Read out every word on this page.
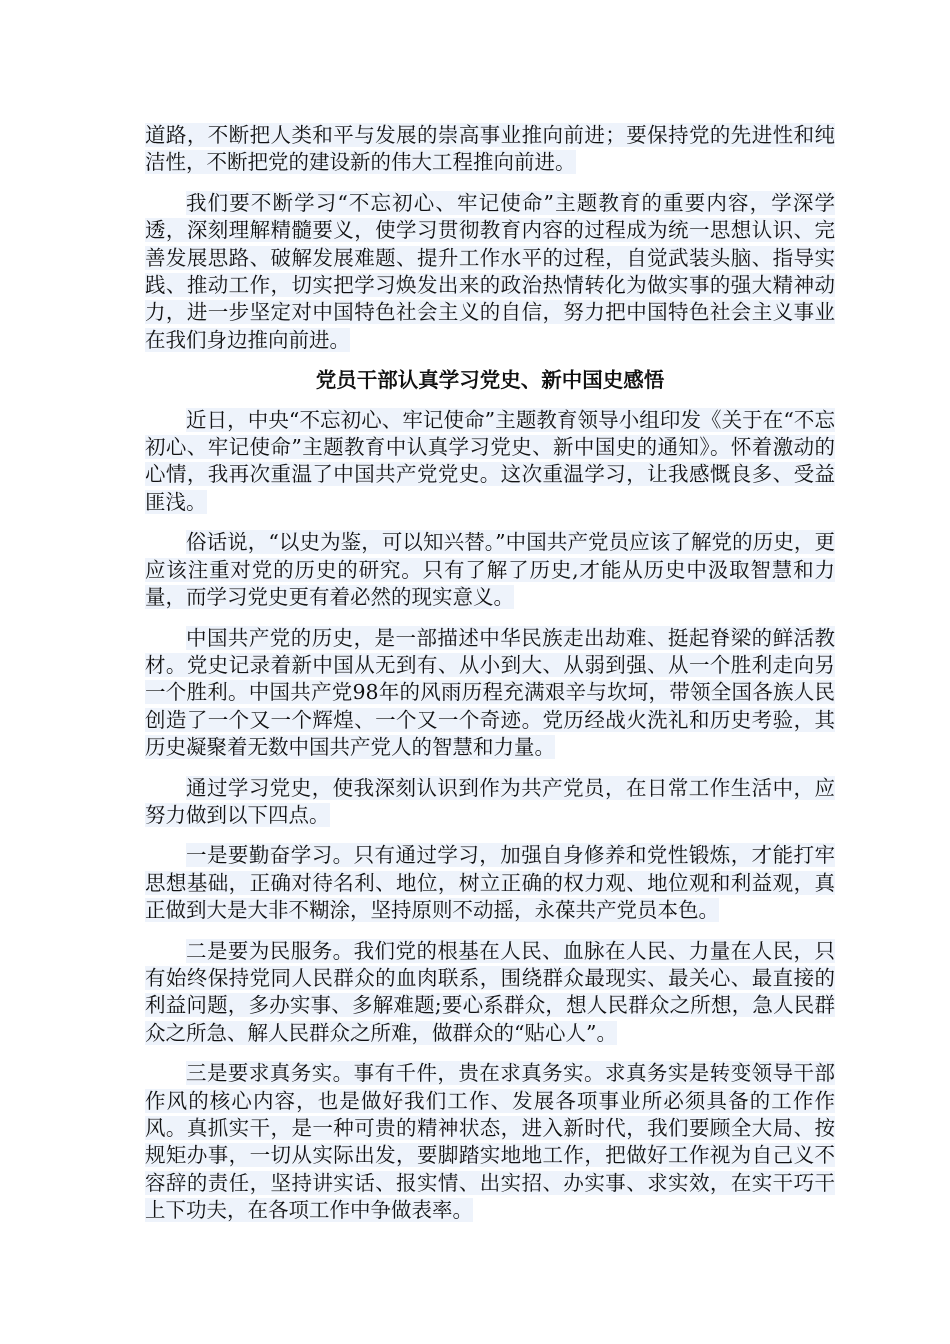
道路，不断把人类和平与发展的崇高事业推向前进；要保持党的先进性和纯洁性，不断把党的建设新的伟大工程推向前进。

我们要不断学习“不忘初心、牢记使命”主题教育的重要内容，学深学透，深刻理解精髓要义，使学习贯彻教育内容的过程成为统一思想认识、完善发展思路、破解发展难题、提升工作水平的过程，自觉武装头脑、指导实践、推动工作，切实把学习焕发出来的政治热情转化为做实事的强大精神动力，进一步坚定对中国特色社会主义的自信，努力把中国特色社会主义事业在我们身边推向前进。

党员干部认真学习党史、新中国史感悟

近日，中央“不忘初心、牢记使命”主题教育领导小组印发《关于在“不忘初心、牢记使命”主题教育中认真学习党史、新中国史的通知》。怀着激动的心情，我再次重温了中国共产党党史。这次重温学习，让我感慨良多、受益匪浅。

俗话说，“以史为鉴，可以知兴替。”中国共产党员应该了解党的历史，更应该注重对党的历史的研究。只有了解了历史,才能从历史中汲取智慧和力量，而学习党史更有着必然的现实意义。

中国共产党的历史，是一部描述中华民族走出劫难、挺起脊梁的鲜活教材。党史记录着新中国从无到有、从小到大、从弱到强、从一个胜利走向另一个胜利。中国共产党98年的风雨历程充满艰辛与坎坷，带领全国各族人民创造了一个又一个辉煌、一个又一个奇迹。党历经战火洗礼和历史考验，其历史凝聚着无数中国共产党人的智慧和力量。

通过学习党史，使我深刻认识到作为共产党员，在日常工作生活中，应努力做到以下四点。

一是要勤奋学习。只有通过学习，加强自身修养和党性锻炼，才能打牢思想基础，正确对待名利、地位，树立正确的权力观、地位观和利益观，真正做到大是大非不糊涂，坚持原则不动摇，永葆共产党员本色。

二是要为民服务。我们党的根基在人民、血脉在人民、力量在人民，只有始终保持党同人民群众的血肉联系，围绕群众最现实、最关心、最直接的利益问题，多办实事、多解难题;要心系群众，想人民群众之所想，急人民群众之所急、解人民群众之所难，做群众的“贴心人”。

三是要求真务实。事有千件，贵在求真务实。求真务实是转变领导干部作风的核心内容，也是做好我们工作、发展各项事业所必须具备的工作作风。真抓实干，是一种可贵的精神状态，进入新时代，我们要顾全大局、按规矩办事，一切从实际出发，要脚踏实地地工作，把做好工作视为自己义不容辞的责任，坚持讲实话、报实情、出实招、办实事、求实效，在实干巧干上下功夫，在各项工作中争做表率。
